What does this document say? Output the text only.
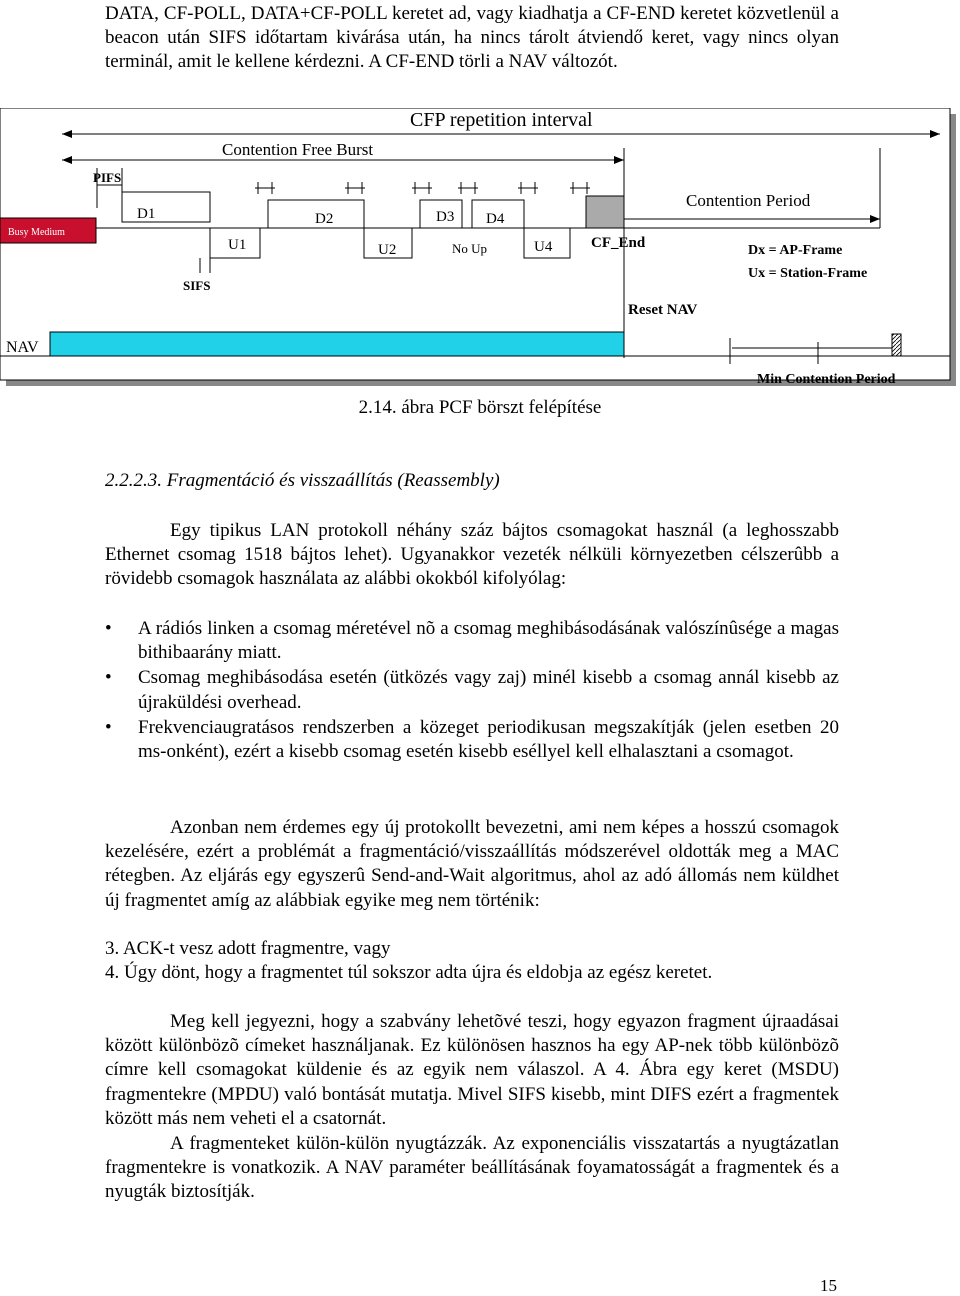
DATA, CF-POLL, DATA+CF-POLL keretet ad, vagy kiadhatja a CF-END keretet közvetlenül a beacon után SIFS időtartam kivárása után, ha nincs tárolt átviendő keret, vagy nincs olyan terminál, amit le kellene kérdezni. A CF-END törli a NAV változót.
CFP repetition interval
Contention Free Burst
Contention Period
PIFS
Busy Medium
D1
U1
SIFS
D2
U2
D3
No Up
D4
U4	CF_End	Dx = AP-Frame
Ux = Station-Frame
Reset NAV
NAV
Min Contention Period
2.14. ábra PCF börszt felépítése
2.2.2.3. Fragmentáció és visszaállítás (Reassembly)
Egy tipikus LAN protokoll néhány száz bájtos csomagokat használ (a leghosszabb Ethernet csomag 1518 bájtos lehet). Ugyanakkor vezeték nélküli környezetben célszerûbb a rövidebb csomagok használata az alábbi okokból kifolyólag:
• A rádiós linken a csomag méretével nõ a csomag meghibásodásának valószínûsége a magas bithibaarány miatt.
• Csomag meghibásodása esetén (ütközés vagy zaj) minél kisebb a csomag annál kisebb az újraküldési overhead.
• Frekvenciaugratásos rendszerben a közeget periodikusan megszakítják (jelen esetben 20 ms-onként), ezért a kisebb csomag esetén kisebb eséllyel kell elhalasztani a csomagot.
Azonban nem érdemes egy új protokollt bevezetni, ami nem képes a hosszú csomagok kezelésére, ezért a problémát a fragmentáció/visszaállítás módszerével oldották meg a MAC rétegben. Az eljárás egy egyszerû Send-and-Wait algoritmus, ahol az adó állomás nem küldhet új fragmentet amíg az alábbiak egyike meg nem történik:
3. ACK-t vesz adott fragmentre, vagy
4. Úgy dönt, hogy a fragmentet túl sokszor adta újra és eldobja az egész keretet.
Meg kell jegyezni, hogy a szabvány lehetõvé teszi, hogy egyazon fragment újraadásai között különbözõ címeket használjanak. Ez különösen hasznos ha egy AP-nek több különbözõ címre kell csomagokat küldenie és az egyik nem válaszol. A 4. Ábra egy keret (MSDU) fragmentekre (MPDU) való bontását mutatja. Mivel SIFS kisebb, mint DIFS ezért a fragmentek között más nem veheti el a csatornát.
A fragmenteket külön-külön nyugtázzák. Az exponenciális visszatartás a nyugtázatlan fragmentekre is vonatkozik. A NAV paraméter beállításának foyamatosságát a fragmentek és a nyugták biztosítják.
15
